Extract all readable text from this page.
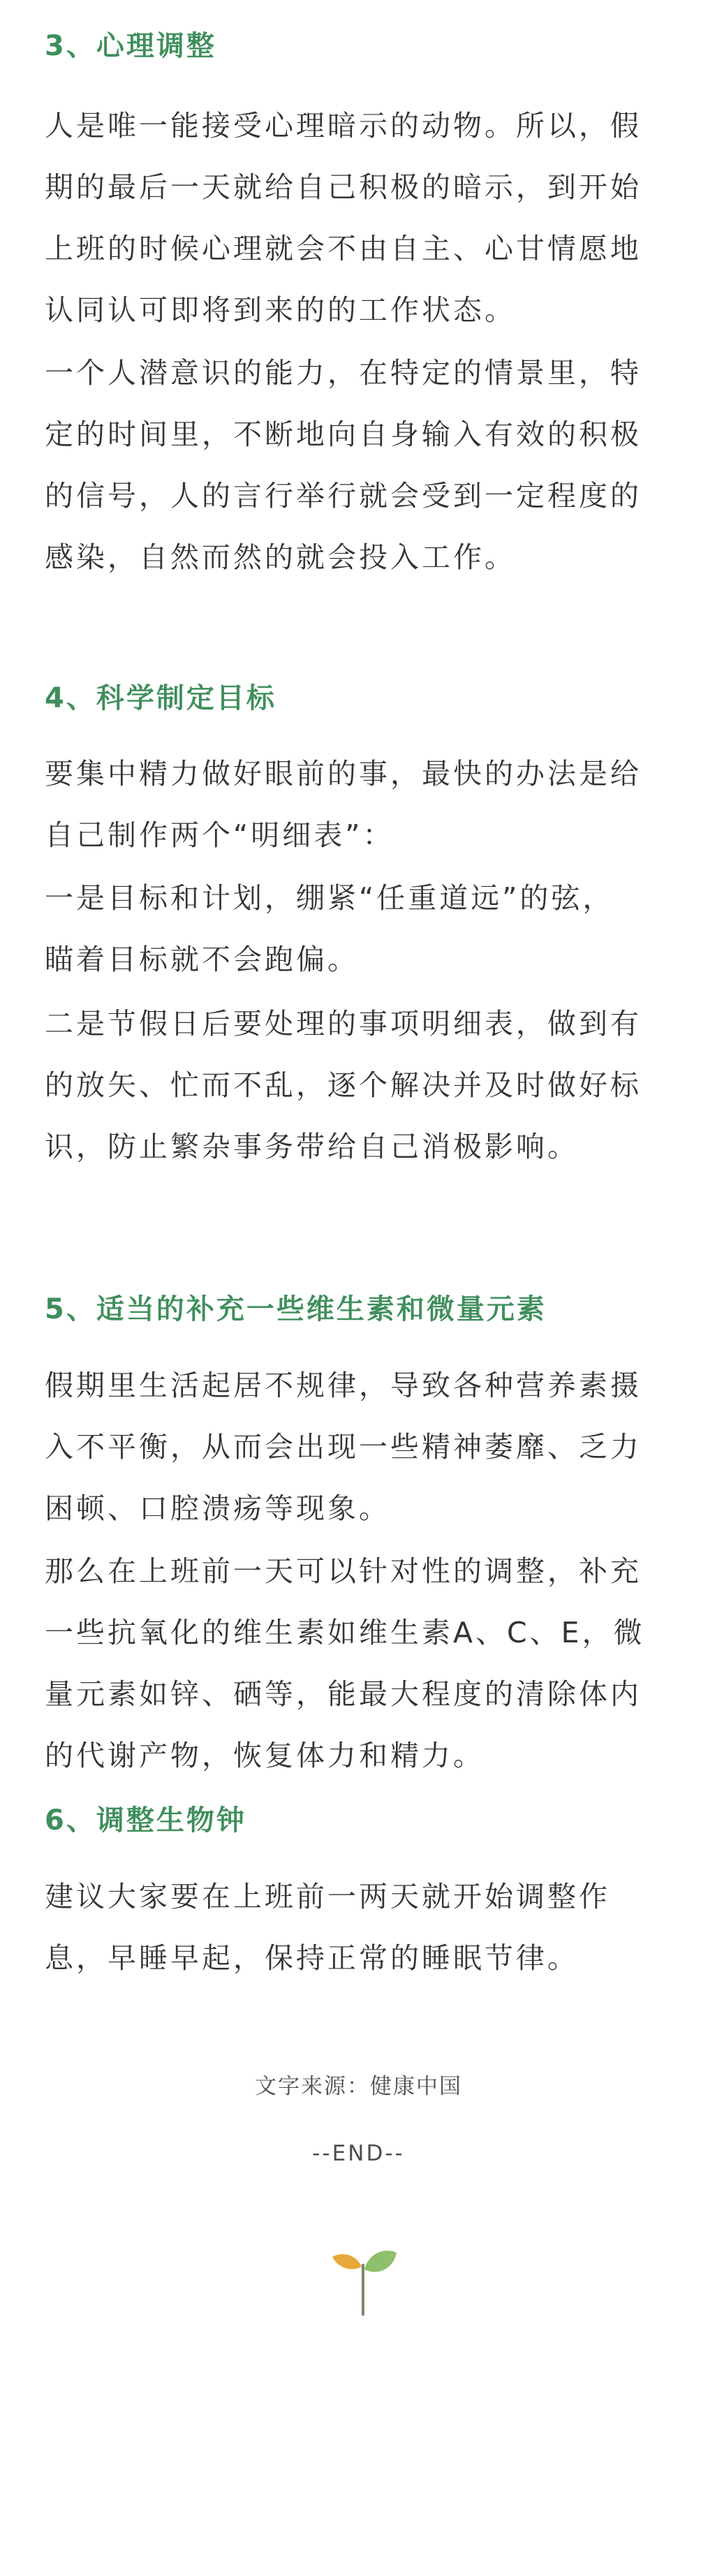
3、心理调整

人是唯一能接受心理暗示的动物。所以，假
期的最后一天就给自己积极的暗示，到开始
上班的时候心理就会不由自主、心甘情愿地
认同认可即将到来的的工作状态。

一个人潜意识的能力，在特定的情景里，特
定的时间里，不断地向自身输入有效的积极
的信号，人的言行举行就会受到一定程度的
感染，自然而然的就会投入工作。

4、科学制定目标

要集中精力做好眼前的事，最快的办法是给
自己制作两个“明细表”：

一是目标和计划，绷紧“任重道远”的弦，
瞄着目标就不会跑偏。

二是节假日后要处理的事项明细表，做到有
的放矢、忙而不乱，逐个解决并及时做好标
识，防止繁杂事务带给自己消极影响。

5、适当的补充一些维生素和微量元素

假期里生活起居不规律，导致各种营养素摄
入不平衡，从而会出现一些精神萎靡、乏力
困顿、口腔溃疡等现象。

那么在上班前一天可以针对性的调整，补充
一些抗氧化的维生素如维生素A、C、E，微
量元素如锌、硒等，能最大程度的清除体内
的代谢产物，恢复体力和精力。

6、调整生物钟

建议大家要在上班前一两天就开始调整作
息，早睡早起，保持正常的睡眠节律。

文字来源：健康中国

--END--
